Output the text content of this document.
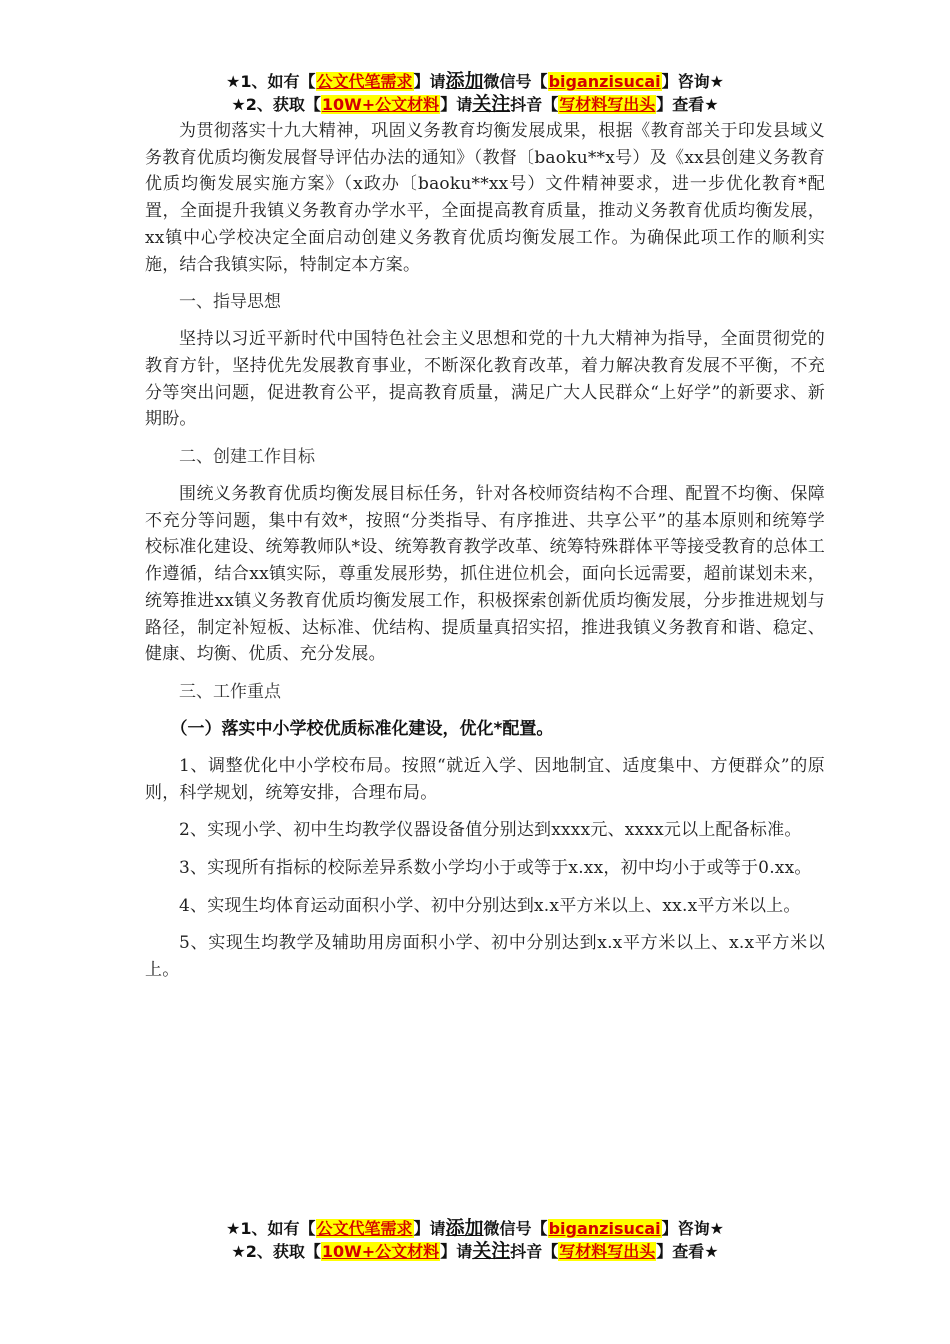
★1、如有【公文代笔需求】请添加微信号【biganzisucai】咨询★
★2、获取【10W+公文材料】请关注抖音【写材料写出头】查看★

为贯彻落实十九大精神，巩固义务教育均衡发展成果，根据《教育部关于印发县域义务教育优质均衡发展督导评估办法的通知》（教督〔baoku**x号）及《xx县创建义务教育优质均衡发展实施方案》（x政办〔baoku**xx号）文件精神要求，进一步优化教育*配置，全面提升我镇义务教育办学水平，全面提高教育质量，推动义务教育优质均衡发展，xx镇中心学校决定全面启动创建义务教育优质均衡发展工作。为确保此项工作的顺利实施，结合我镇实际，特制定本方案。

一、指导思想

坚持以习近平新时代中国特色社会主义思想和党的十九大精神为指导，全面贯彻党的教育方针，坚持优先发展教育事业，不断深化教育改革，着力解决教育发展不平衡，不充分等突出问题，促进教育公平，提高教育质量，满足广大人民群众“上好学”的新要求、新期盼。

二、创建工作目标

围统义务教育优质均衡发展目标任务，针对各校师资结构不合理、配置不均衡、保障不充分等问题，集中有效*，按照“分类指导、有序推进、共享公平”的基本原则和统筹学校标准化建设、统筹教师队*设、统筹教育教学改革、统筹特殊群体平等接受教育的总体工作遵循，结合xx镇实际，尊重发展形势，抓住进位机会，面向长远需要，超前谋划未来，统筹推进xx镇义务教育优质均衡发展工作，积极探索创新优质均衡发展，分步推进规划与路径，制定补短板、达标准、优结构、提质量真招实招，推进我镇义务教育和谐、稳定、健康、均衡、优质、充分发展。

三、工作重点

（一）落实中小学校优质标准化建设，优化*配置。

1、调整优化中小学校布局。按照“就近入学、因地制宜、适度集中、方便群众”的原则，科学规划，统筹安排，合理布局。

2、实现小学、初中生均教学仪器设备值分别达到xxxx元、xxxx元以上配备标准。

3、实现所有指标的校际差异系数小学均小于或等于x.xx，初中均小于或等于0.xx。

4、实现生均体育运动面积小学、初中分别达到x.x平方米以上、xx.x平方米以上。

5、实现生均教学及辅助用房面积小学、初中分别达到x.x平方米以上、x.x平方米以上。

★1、如有【公文代笔需求】请添加微信号【biganzisucai】咨询★
★2、获取【10W+公文材料】请关注抖音【写材料写出头】查看★
